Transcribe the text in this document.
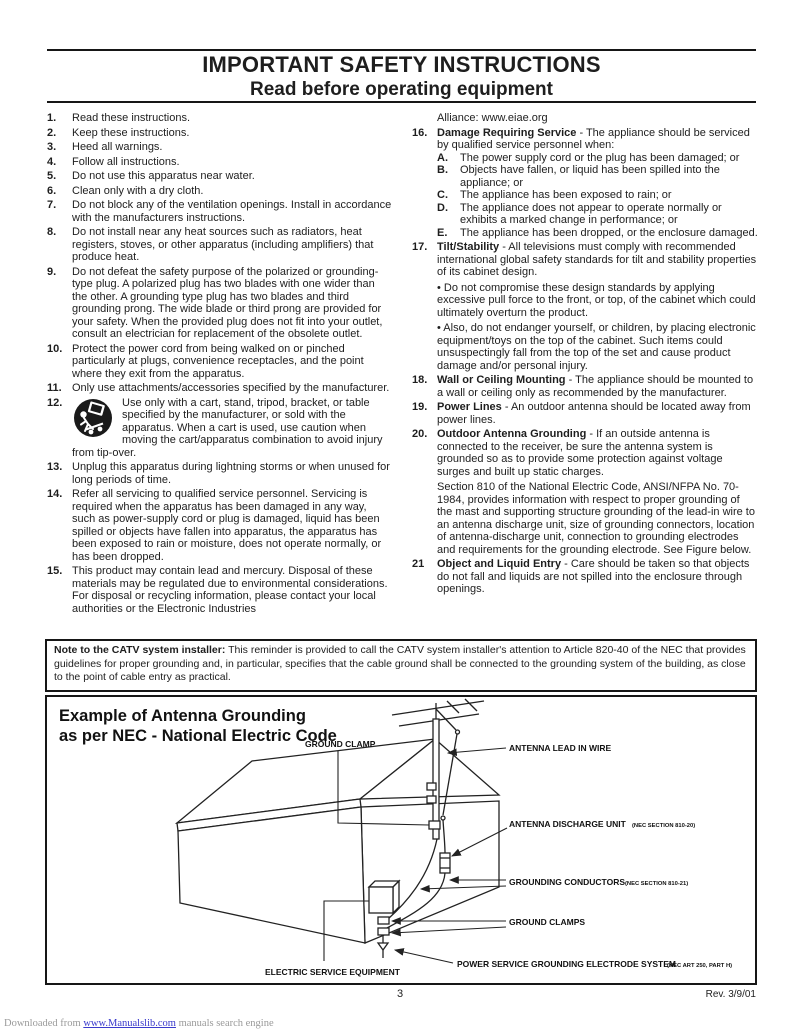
IMPORTANT SAFETY INSTRUCTIONS
Read before operating equipment
1. Read these instructions.
2. Keep these instructions.
3. Heed all warnings.
4. Follow all instructions.
5. Do not use this apparatus near water.
6. Clean only with a dry cloth.
7. Do not block any of the ventilation openings. Install in accordance with the manufacturers instructions.
8. Do not install near any heat sources such as radiators, heat registers, stoves, or other apparatus (including amplifiers) that produce heat.
9. Do not defeat the safety purpose of the polarized or grounding-type plug. A polarized plug has two blades with one wider than the other. A grounding type plug has two blades and third grounding prong. The wide blade or third prong are provided for your safety. When the provided plug does not fit into your outlet, consult an electrician for replacement of the obsolete outlet.
10. Protect the power cord from being walked on or pinched particularly at plugs, convenience receptacles, and the point where they exit from the apparatus.
11. Only use attachments/accessories specified by the manufacturer.
12.	Use only with a cart, stand, tripod, bracket, or table specified by the manufacturer, or sold with the apparatus. When a cart is used, use caution when moving the cart/apparatus combination to avoid injury from tip-over.
13. Unplug this apparatus during lightning storms or when unused for long periods of time.
14. Refer all servicing to qualified service personnel. Servicing is required when the apparatus has been damaged in any way, such as power-supply cord or plug is damaged, liquid has been spilled or objects have fallen into apparatus, the apparatus has been exposed to rain or moisture, does not operate normally, or has been dropped.
15. This product may contain lead and mercury. Disposal of these materials may be regulated due to environmental considerations. For disposal or recycling information, please contact your local authorities or the Electronic Industries
Alliance: www.eiae.org
16. Damage Requiring Service - The appliance should be serviced by qualified service personnel when:
A. The power supply cord or the plug has been damaged; or
B. Objects have fallen, or liquid has been spilled into the appliance; or
C. The appliance has been exposed to rain; or
D. The appliance does not appear to operate normally or exhibits a marked change in performance; or
E. The appliance has been dropped, or the enclosure damaged.
17. Tilt/Stability - All televisions must comply with recommended international global safety standards for tilt and stability properties of its cabinet design.
• Do not compromise these design standards by applying excessive pull force to the front, or top, of the cabinet which could ultimately overturn the product.
• Also, do not endanger yourself, or children, by placing electronic equipment/toys on the top of the cabinet. Such items could unsuspectingly fall from the top of the set and cause product damage and/or personal injury.
18. Wall or Ceiling Mounting - The appliance should be mounted to a wall or ceiling only as recommended by the manufacturer.
19. Power Lines - An outdoor antenna should be located away from power lines.
20. Outdoor Antenna Grounding - If an outside antenna is connected to the receiver, be sure the antenna system is grounded so as to provide some protection against voltage surges and built up static charges.
Section 810 of the National Electric Code, ANSI/NFPA No. 70-1984, provides information with respect to proper grounding of the mast and supporting structure grounding of the lead-in wire to an antenna discharge unit, size of grounding connectors, location of antenna-discharge unit, connection to grounding electrodes and requirements for the grounding electrode. See Figure below.
21 Object and Liquid Entry - Care should be taken so that objects do not fall and liquids are not spilled into the enclosure through openings.
Note to the CATV system installer: This reminder is provided to call the CATV system installer's attention to Article 820-40 of the NEC that provides guidelines for proper grounding and, in particular, specifies that the cable ground shall be connected to the grounding system of the building, as close to the point of cable entry as practical.
Example of Antenna Grounding
as per NEC - National Electric Code
GROUND CLAMP	ANTENNA LEAD IN WIRE
ANTENNA DISCHARGE UNIT (NEC SECTION 810-20)
GROUNDING CONDUCTORS (NEC SECTION 810-21)
GROUND CLAMPS
POWER SERVICE GROUNDING ELECTRODE SYSTEM
(NEC ART 250, PART H)
ELECTRIC SERVICE EQUIPMENT
3	Rev. 3/9/01
Downloaded from www.Manualslib.com manuals search engine
